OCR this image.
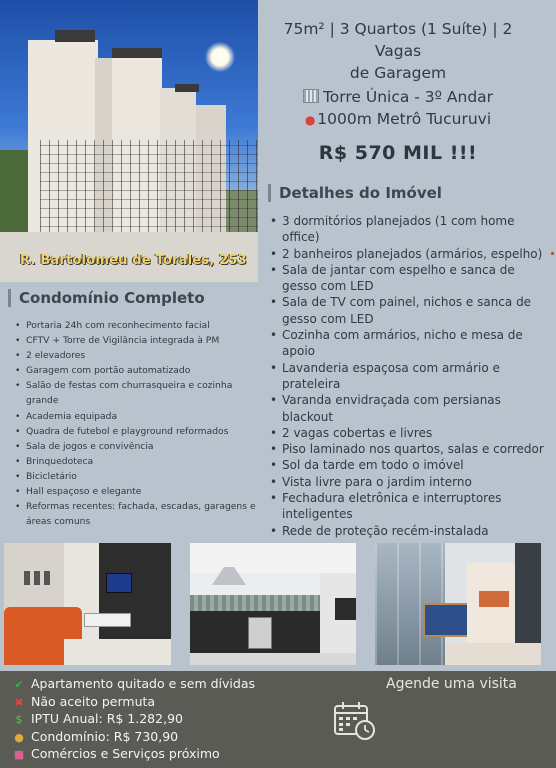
R. Bartolomeu de Torales, 253
75m² | 3 Quartos (1 Suíte) | 2 Vagas
de Garagem
Torre Única - 3º Andar
● 1000m Metrô Tucuruvi
R$ 570 MIL !!!
Detalhes do Imóvel
• 3 dormitórios planejados (1 com home office)
• 2 banheiros planejados (armários, espelho)
• Sala de jantar com espelho e sanca de gesso com LED
• Sala de TV com painel, nichos e sanca de gesso com LED
• Cozinha com armários, nicho e mesa de apoio
• Lavanderia espaçosa com armário e prateleira
• Varanda envidraçada com persianas blackout
• 2 vagas cobertas e livres
• Piso laminado nos quartos, salas e corredor
• Sol da tarde em todo o imóvel
• Vista livre para o jardim interno
• Fechadura eletrônica e interruptores inteligentes
• Rede de proteção recém-instalada
Condomínio Completo
• Portaria 24h com reconhecimento facial
• CFTV + Torre de Vigilância integrada à PM
• 2 elevadores
• Garagem com portão automatizado
• Salão de festas com churrasqueira e cozinha grande
• Academia equipada
• Quadra de futebol e playground reformados
• Sala de jogos e convivência
• Brinquedoteca
• Bicicletário
• Hall espaçoso e elegante
• Reformas recentes: fachada, escadas, garagens e áreas comuns
✔ Apartamento quitado e sem dívidas
✖ Não aceito permuta
$ IPTU Anual: R$ 1.282,90
● Condomínio: R$ 730,90
■ Comércios e Serviços próximo
Agende uma visita
